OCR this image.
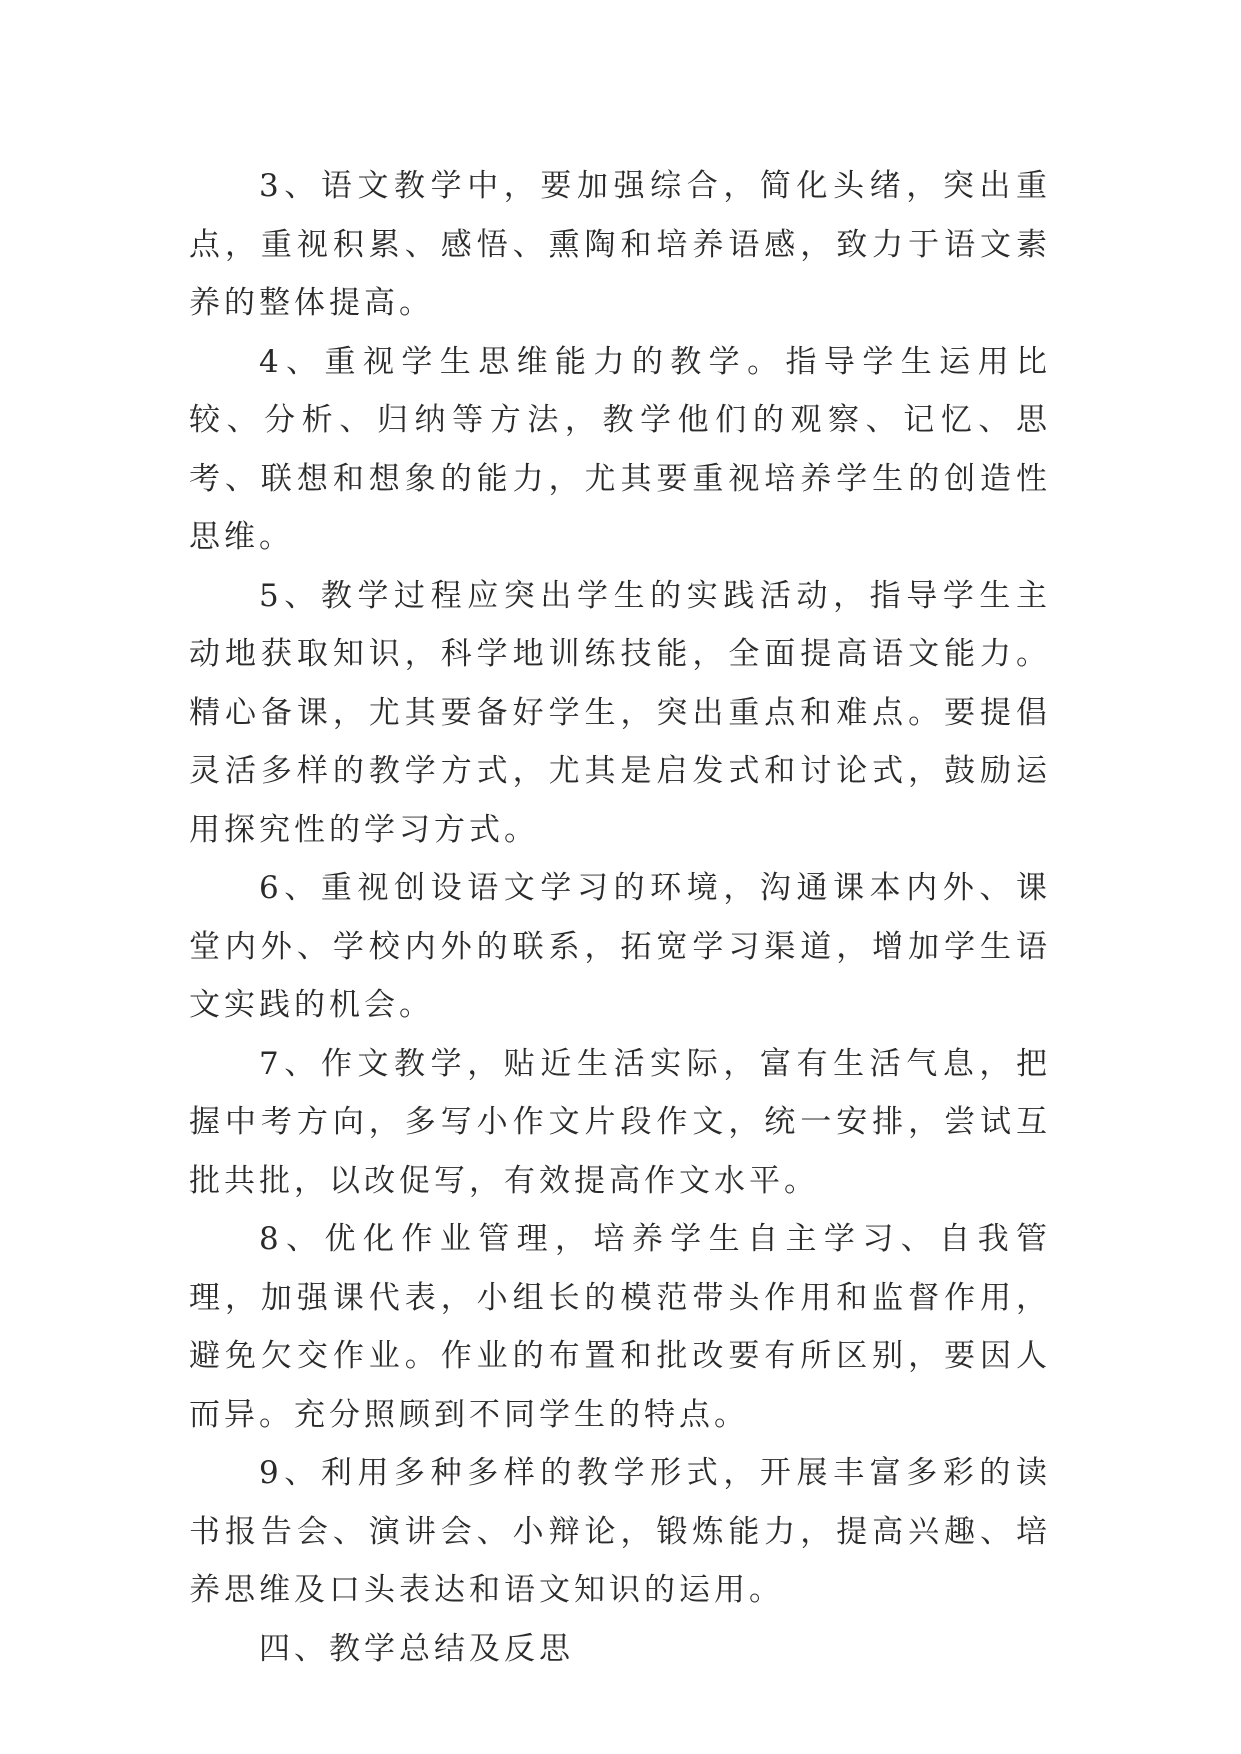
3、语文教学中，要加强综合，简化头绪，突出重点，重视积累、感悟、熏陶和培养语感，致力于语文素养的整体提高。

4、重视学生思维能力的教学。指导学生运用比较、分析、归纳等方法，教学他们的观察、记忆、思考、联想和想象的能力，尤其要重视培养学生的创造性思维。

5、教学过程应突出学生的实践活动，指导学生主动地获取知识，科学地训练技能，全面提高语文能力。精心备课，尤其要备好学生，突出重点和难点。要提倡灵活多样的教学方式，尤其是启发式和讨论式，鼓励运用探究性的学习方式。

6、重视创设语文学习的环境，沟通课本内外、课堂内外、学校内外的联系，拓宽学习渠道，增加学生语文实践的机会。

7、作文教学，贴近生活实际，富有生活气息，把握中考方向，多写小作文片段作文，统一安排，尝试互批共批，以改促写，有效提高作文水平。

8、优化作业管理，培养学生自主学习、自我管理，加强课代表，小组长的模范带头作用和监督作用，避免欠交作业。作业的布置和批改要有所区别，要因人而异。充分照顾到不同学生的特点。

9、利用多种多样的教学形式，开展丰富多彩的读书报告会、演讲会、小辩论，锻炼能力，提高兴趣、培养思维及口头表达和语文知识的运用。

四、教学总结及反思
